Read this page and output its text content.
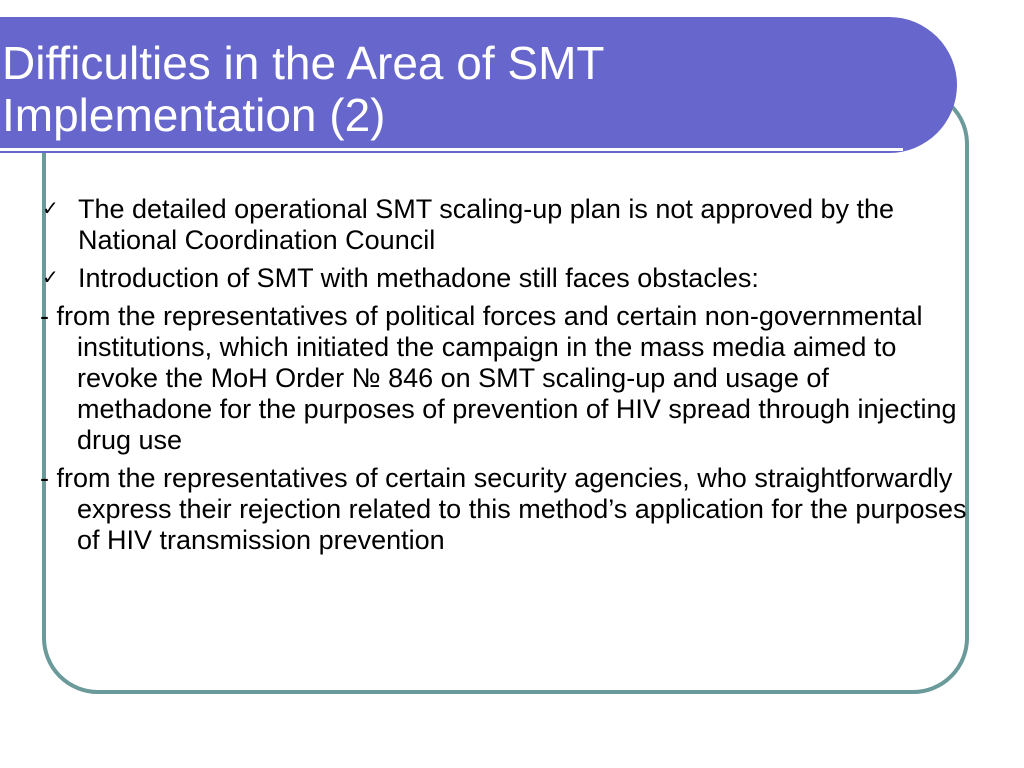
Difficulties in the Area of SMT
Implementation (2)

✓ The detailed operational SMT scaling-up plan is not approved by the National Coordination Council

✓ Introduction of SMT with methadone still faces obstacles:

- from the representatives of political forces and certain non-governmental institutions, which initiated the campaign in the mass media aimed to revoke the MoH Order № 846 on SMT scaling-up and usage of methadone for the purposes of prevention of HIV spread through injecting drug use

- from the representatives of certain security agencies, who straightforwardly express their rejection related to this method’s application for the purposes of HIV transmission prevention
